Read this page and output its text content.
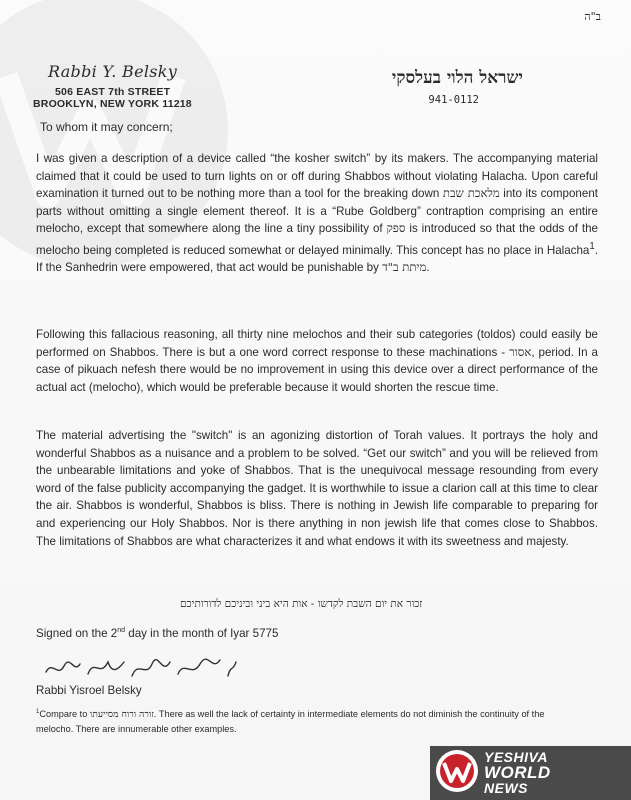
ב"ה
Rabbi Y. Belsky
506 EAST 7th STREET
BROOKLYN, NEW YORK 11218
ישראל הלוי בעלסקי
941-0112
To whom it may concern;

I was given a description of a device called “the kosher switch” by its makers. The accompanying material claimed that it could be used to turn lights on or off during Shabbos without violating Halacha. Upon careful examination it turned out to be nothing more than a tool for the breaking down מלאכת שבת into its component parts without omitting a single element thereof. It is a “Rube Goldberg” contraption comprising an entire melocho, except that somewhere along the line a tiny possibility of ספק is introduced so that the odds of the melocho being completed is reduced somewhat or delayed minimally. This concept has no place in Halacha$^1$. If the Sanhedrin were empowered, that act would be punishable by מיתת ב"ד.

Following this fallacious reasoning, all thirty nine melochos and their sub categories (toldos) could easily be performed on Shabbos. There is but a one word correct response to these machinations - אסור, period. In a case of pikuach nefesh there would be no improvement in using this device over a direct performance of the actual act (melocho), which would be preferable because it would shorten the rescue time.

The material advertising the "switch" is an agonizing distortion of Torah values. It portrays the holy and wonderful Shabbos as a nuisance and a problem to be solved. “Get our switch” and you will be relieved from the unbearable limitations and yoke of Shabbos. That is the unequivocal message resounding from every word of the false publicity accompanying the gadget. It is worthwhile to issue a clarion call at this time to clear the air. Shabbos is wonderful, Shabbos is bliss. There is nothing in Jewish life comparable to preparing for and experiencing our Holy Shabbos. Nor is there anything in non jewish life that comes close to Shabbos. The limitations of Shabbos are what characterizes it and what endows it with its sweetness and majesty.

זכור את יום השבת לקדשו - אות היא ביני וביניכם לדורותיכם
Signed on the 2nd day in the month of Iyar 5775
Rabbi Yisroel Belsky
$^1$Compare to זורה ורוח מסייעתו. There as well the lack of certainty in intermediate elements do not diminish the continuity of the melocho. There are innumerable other examples.
YESHIVA
WORLD
NEWS
